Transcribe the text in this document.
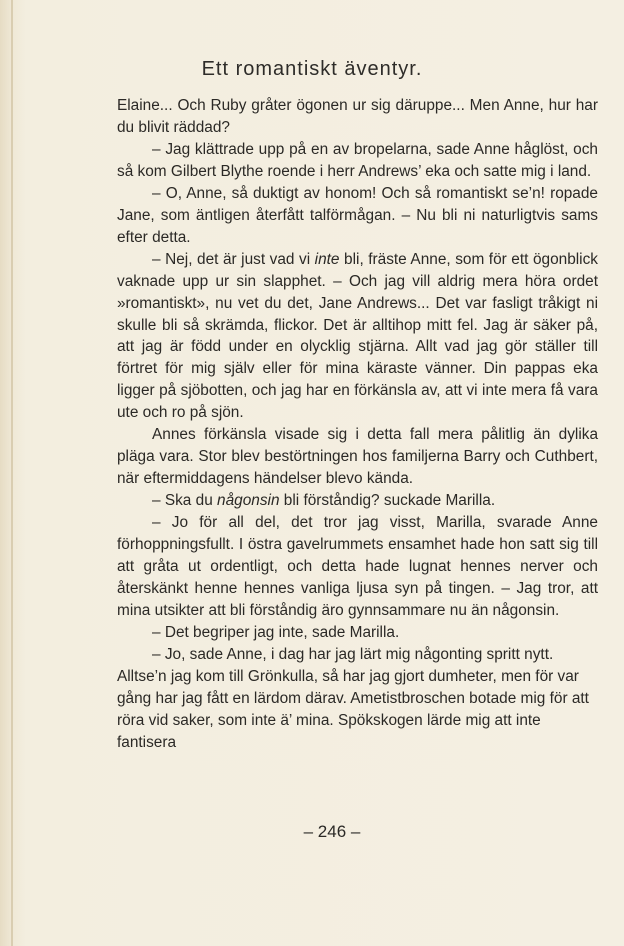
Ett romantiskt äventyr.

Elaine... Och Ruby gråter ögonen ur sig däruppe... Men Anne, hur har du blivit räddad?

– Jag klättrade upp på en av bropelarna, sade Anne håglöst, och så kom Gilbert Blythe roende i herr Andrews’ eka och satte mig i land.

– O, Anne, så duktigt av honom! Och så romantiskt se’n! ropade Jane, som äntligen återfått talförmågan. – Nu bli ni naturligtvis sams efter detta.

– Nej, det är just vad vi inte bli, fräste Anne, som för ett ögonblick vaknade upp ur sin slapphet. – Och jag vill aldrig mera höra ordet »romantiskt», nu vet du det, Jane Andrews... Det var fasligt tråkigt ni skulle bli så skrämda, flickor. Det är alltihop mitt fel. Jag är säker på, att jag är född under en olycklig stjärna. Allt vad jag gör ställer till förtret för mig själv eller för mina käraste vänner. Din pappas eka ligger på sjöbotten, och jag har en förkänsla av, att vi inte mera få vara ute och ro på sjön.

Annes förkänsla visade sig i detta fall mera pålitlig än dylika pläga vara. Stor blev bestörtningen hos familjerna Barry och Cuthbert, när eftermiddagens händelser blevo kända.

– Ska du någonsin bli förståndig? suckade Marilla.

– Jo för all del, det tror jag visst, Marilla, svarade Anne förhoppningsfullt. I östra gavelrummets ensamhet hade hon satt sig till att gråta ut ordentligt, och detta hade lugnat hennes nerver och återskänkt henne hennes vanliga ljusa syn på tingen. – Jag tror, att mina utsikter att bli förståndig äro gynnsammare nu än någonsin.

– Det begriper jag inte, sade Marilla.

– Jo, sade Anne, i dag har jag lärt mig någonting spritt nytt. Alltse’n jag kom till Grönkulla, så har jag gjort dumheter, men för var gång har jag fått en lärdom därav. Ametistbroschen botade mig för att röra vid saker, som inte ä’ mina. Spökskogen lärde mig att inte fantisera

– 246 –
